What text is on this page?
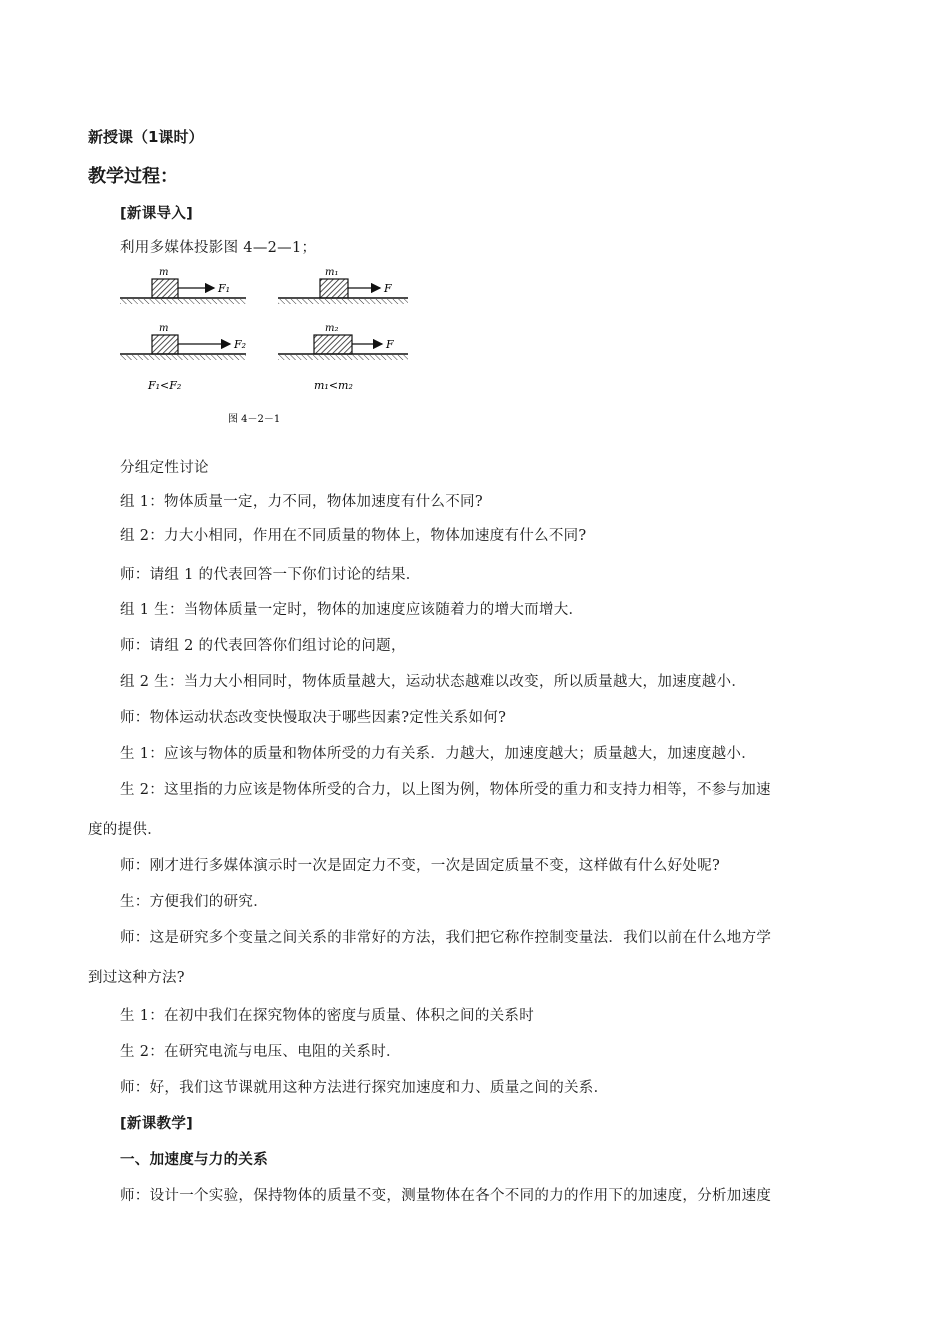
新授课（1课时）
教学过程：
[新课导入]
利用多媒体投影图 4—2—1；
m
F₁
m₁
F
m
F₂
m₂
F
F₁<F₂	m₁<m₂
图 4－2－1
分组定性讨论
组 1：物体质量一定，力不同，物体加速度有什么不同?
组 2：力大小相同，作用在不同质量的物体上，物体加速度有什么不同?
师：请组 1 的代表回答一下你们讨论的结果．
组 1 生：当物体质量一定时，物体的加速度应该随着力的增大而增大．
师：请组 2 的代表回答你们组讨论的问题，
组 2 生：当力大小相同时，物体质量越大，运动状态越难以改变，所以质量越大，加速度越小．
师：物体运动状态改变快慢取决于哪些因素?定性关系如何?
生 1：应该与物体的质量和物体所受的力有关系．力越大，加速度越大；质量越大，加速度越小．
生 2：这里指的力应该是物体所受的合力，以上图为例，物体所受的重力和支持力相等，不参与加速
度的提供．
师：刚才进行多媒体演示时一次是固定力不变，一次是固定质量不变，这样做有什么好处呢?
生：方便我们的研究．
师：这是研究多个变量之间关系的非常好的方法，我们把它称作控制变量法．我们以前在什么地方学
到过这种方法?
生 1：在初中我们在探究物体的密度与质量、体积之间的关系时
生 2：在研究电流与电压、电阻的关系时．
师：好，我们这节课就用这种方法进行探究加速度和力、质量之间的关系．
[新课教学]
一、加速度与力的关系
师：设计一个实验，保持物体的质量不变，测量物体在各个不同的力的作用下的加速度，分析加速度
